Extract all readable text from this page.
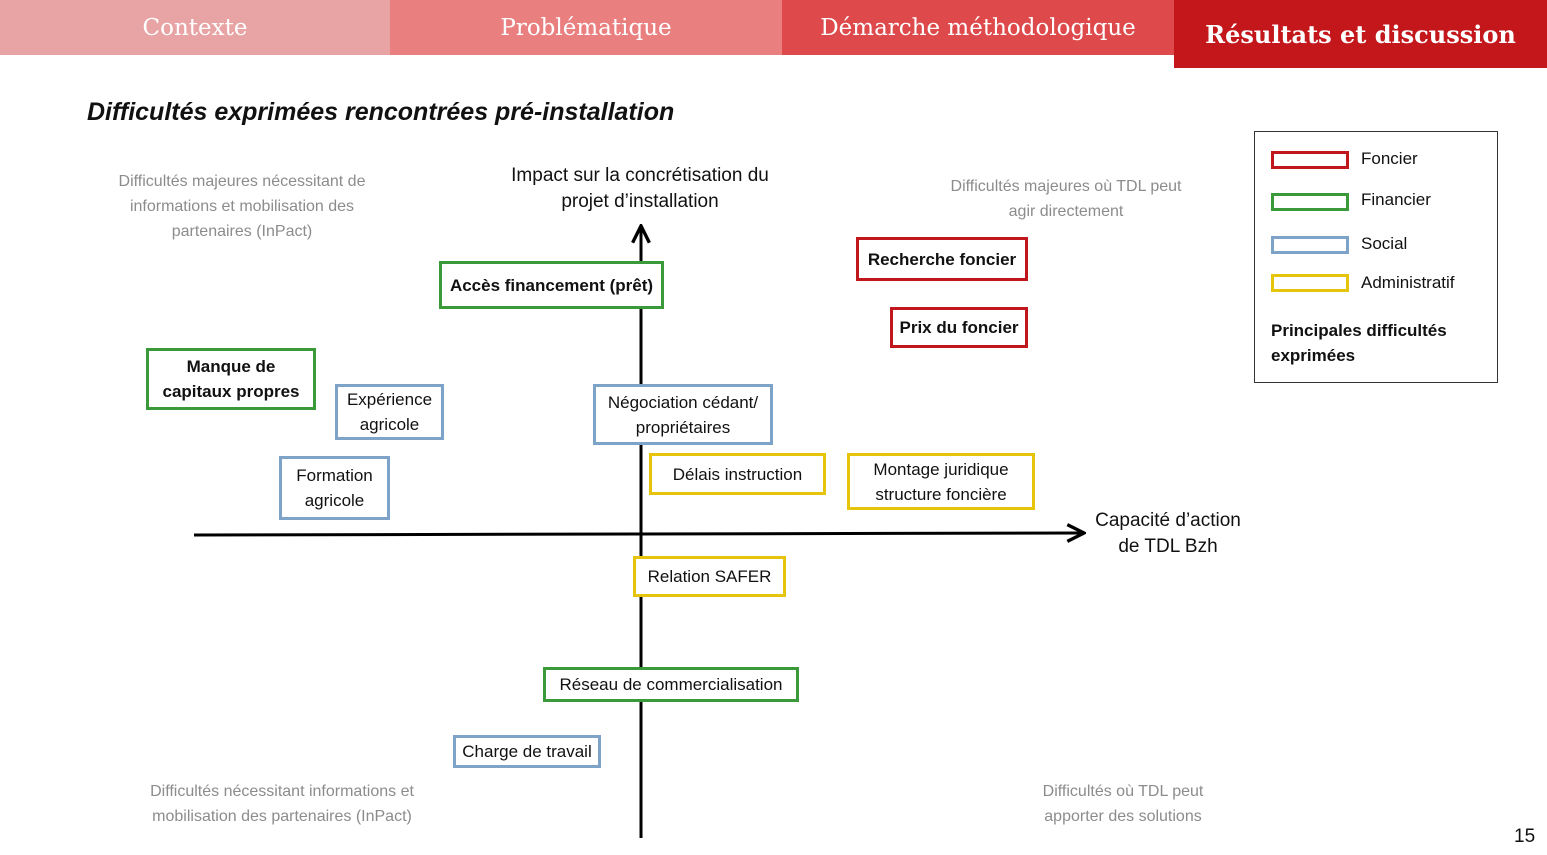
Contexte	Problématique	Démarche méthodologique	Résultats et discussion
Difficultés exprimées rencontrées pré-installation
Impact sur la concrétisation du
projet d’installation
Capacité d’action
de TDL Bzh
Difficultés majeures nécessitant de
informations et mobilisation des
partenaires (InPact)
Difficultés majeures où TDL peut
agir directement
Difficultés nécessitant informations et
mobilisation des partenaires (InPact)
Difficultés où TDL peut
apporter des solutions
Recherche foncier
Prix du foncier
Accès financement (prêt)
Manque de
capitaux propres	Expérience
agricole
Formation
agricole
Négociation cédant/
propriétaires
Délais instruction	Montage juridique
structure foncière
Relation SAFER
Réseau de commercialisation
Charge de travail
Foncier
Financier
Social
Administratif
Principales difficultés
exprimées
15
